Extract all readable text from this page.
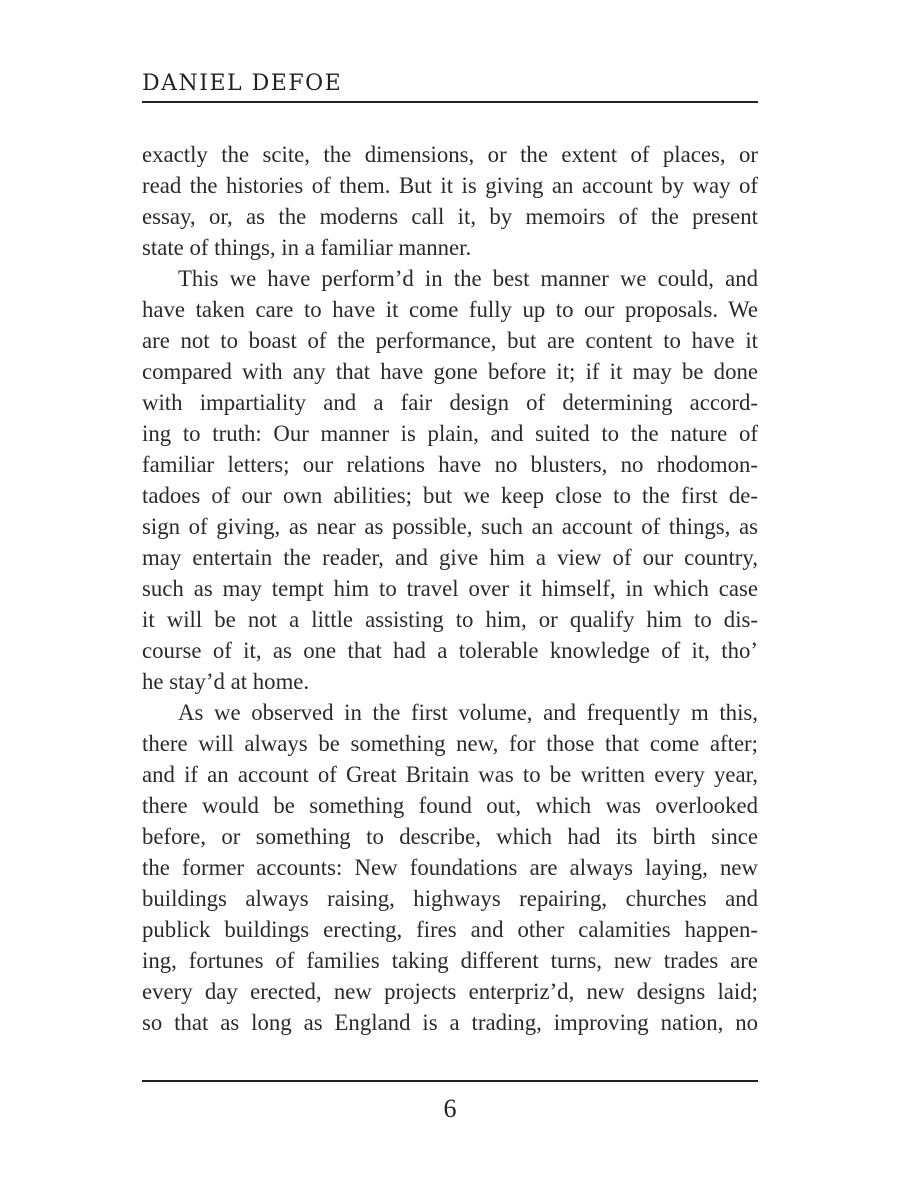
DANIEL DEFOE
exactly the scite, the dimensions, or the extent of places, or
read the histories of them. But it is giving an account by way of
essay, or, as the moderns call it, by memoirs of the present
state of things, in a familiar manner.
This we have perform’d in the best manner we could, and
have taken care to have it come fully up to our proposals. We
are not to boast of the performance, but are content to have it
compared with any that have gone before it; if it may be done
with impartiality and a fair design of determining accord-
ing to truth: Our manner is plain, and suited to the nature of
familiar letters; our relations have no blusters, no rhodomon-
tadoes of our own abilities; but we keep close to the first de-
sign of giving, as near as possible, such an account of things, as
may entertain the reader, and give him a view of our country,
such as may tempt him to travel over it himself, in which case
it will be not a little assisting to him, or qualify him to dis-
course of it, as one that had a tolerable knowledge of it, tho’
he stay’d at home.
As we observed in the first volume, and frequently m this,
there will always be something new, for those that come after;
and if an account of Great Britain was to be written every year,
there would be something found out, which was overlooked
before, or something to describe, which had its birth since
the former accounts: New foundations are always laying, new
buildings always raising, highways repairing, churches and
publick buildings erecting, fires and other calamities happen-
ing, fortunes of families taking different turns, new trades are
every day erected, new projects enterpriz’d, new designs laid;
so that as long as England is a trading, improving nation, no
6
